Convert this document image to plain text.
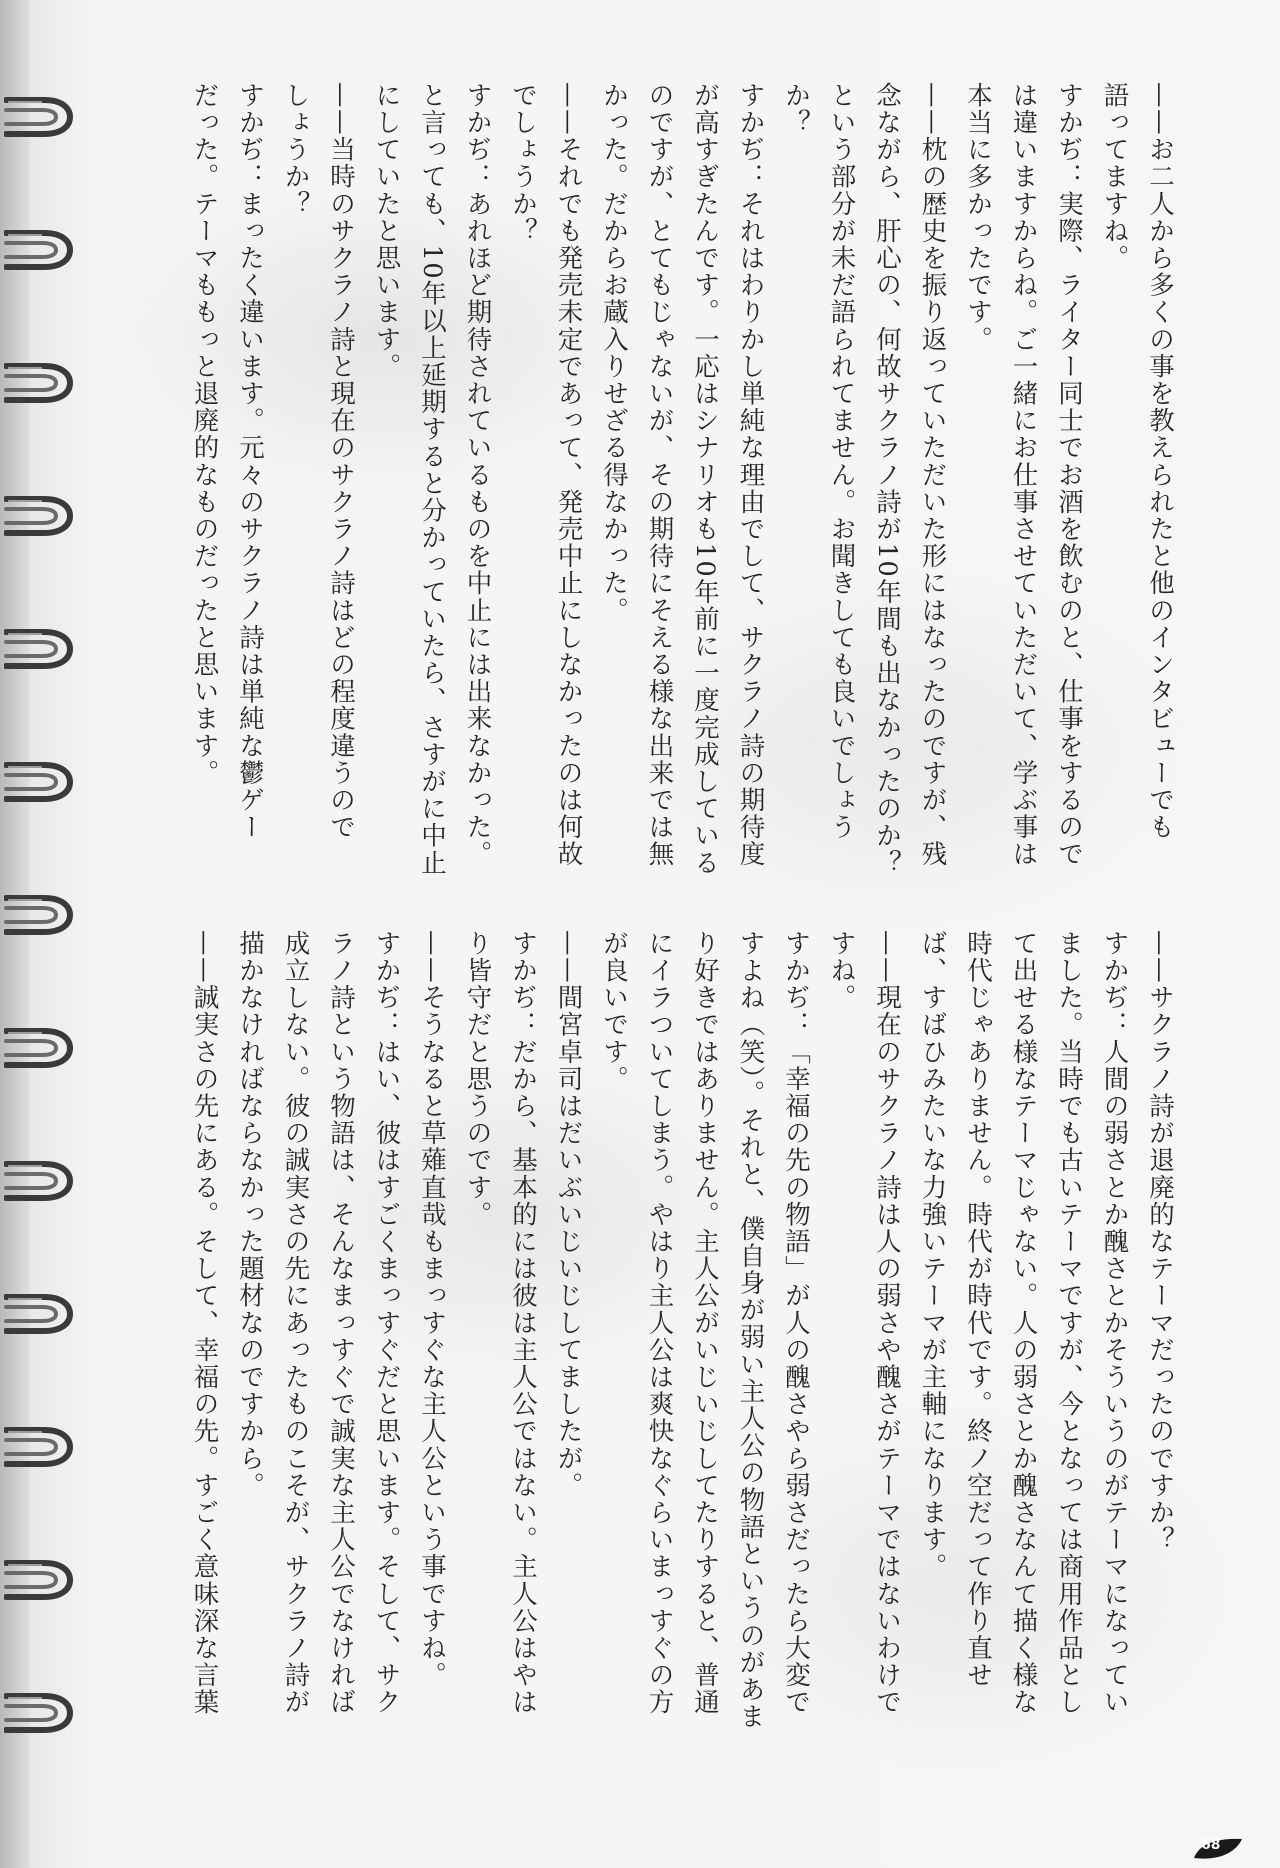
——お二人から多くの事を教えられたと他のインタビューでも
語ってますね。
すかぢ：実際、ライター同士でお酒を飲むのと、仕事をするので
は違いますからね。ご一緒にお仕事させていただいて、学ぶ事は
本当に多かったです。
——枕の歴史を振り返っていただいた形にはなったのですが、残
念ながら、肝心の、何故サクラノ詩が10年間も出なかったのか？
という部分が未だ語られてません。お聞きしても良いでしょう
か？
すかぢ：それはわりかし単純な理由でして、サクラノ詩の期待度
が高すぎたんです。一応はシナリオも10年前に一度完成している
のですが、とてもじゃないが、その期待にそえる様な出来では無
かった。だからお蔵入りせざる得なかった。
——それでも発売未定であって、発売中止にしなかったのは何故
でしょうか？
すかぢ：あれほど期待されているものを中止には出来なかった。
と言っても、10年以上延期すると分かっていたら、さすがに中止
にしていたと思います。
——当時のサクラノ詩と現在のサクラノ詩はどの程度違うので
しょうか？
すかぢ：まったく違います。元々のサクラノ詩は単純な鬱ゲー
だった。テーマももっと退廃的なものだったと思います。
——サクラノ詩が退廃的なテーマだったのですか？
すかぢ：人間の弱さとか醜さとかそういうのがテーマになってい
ました。当時でも古いテーマですが、今となっては商用作品とし
て出せる様なテーマじゃない。人の弱さとか醜さなんて描く様な
時代じゃありません。時代が時代です。終ノ空だって作り直せ
ば、すばひみたいな力強いテーマが主軸になります。
——現在のサクラノ詩は人の弱さや醜さがテーマではないわけで
すね。
すかぢ：「幸福の先の物語」が人の醜さやら弱さだったら大変で
すよね（笑）。それと、僕自身が弱い主人公の物語というのがあま
り好きではありません。主人公がいじいじしてたりすると、普通
にイラついてしまう。やはり主人公は爽快なぐらいまっすぐの方
が良いです。
——間宮卓司はだいぶいじいじしてましたが。
すかぢ：だから、基本的には彼は主人公ではない。主人公はやは
り皆守だと思うのです。
——そうなると草薙直哉もまっすぐな主人公という事ですね。
すかぢ：はい、彼はすごくまっすぐだと思います。そして、サク
ラノ詩という物語は、そんなまっすぐで誠実な主人公でなければ
成立しない。彼の誠実さの先にあったものこそが、サクラノ詩が
描かなければならなかった題材なのですから。
——誠実さの先にある。そして、幸福の先。すごく意味深な言葉
68
